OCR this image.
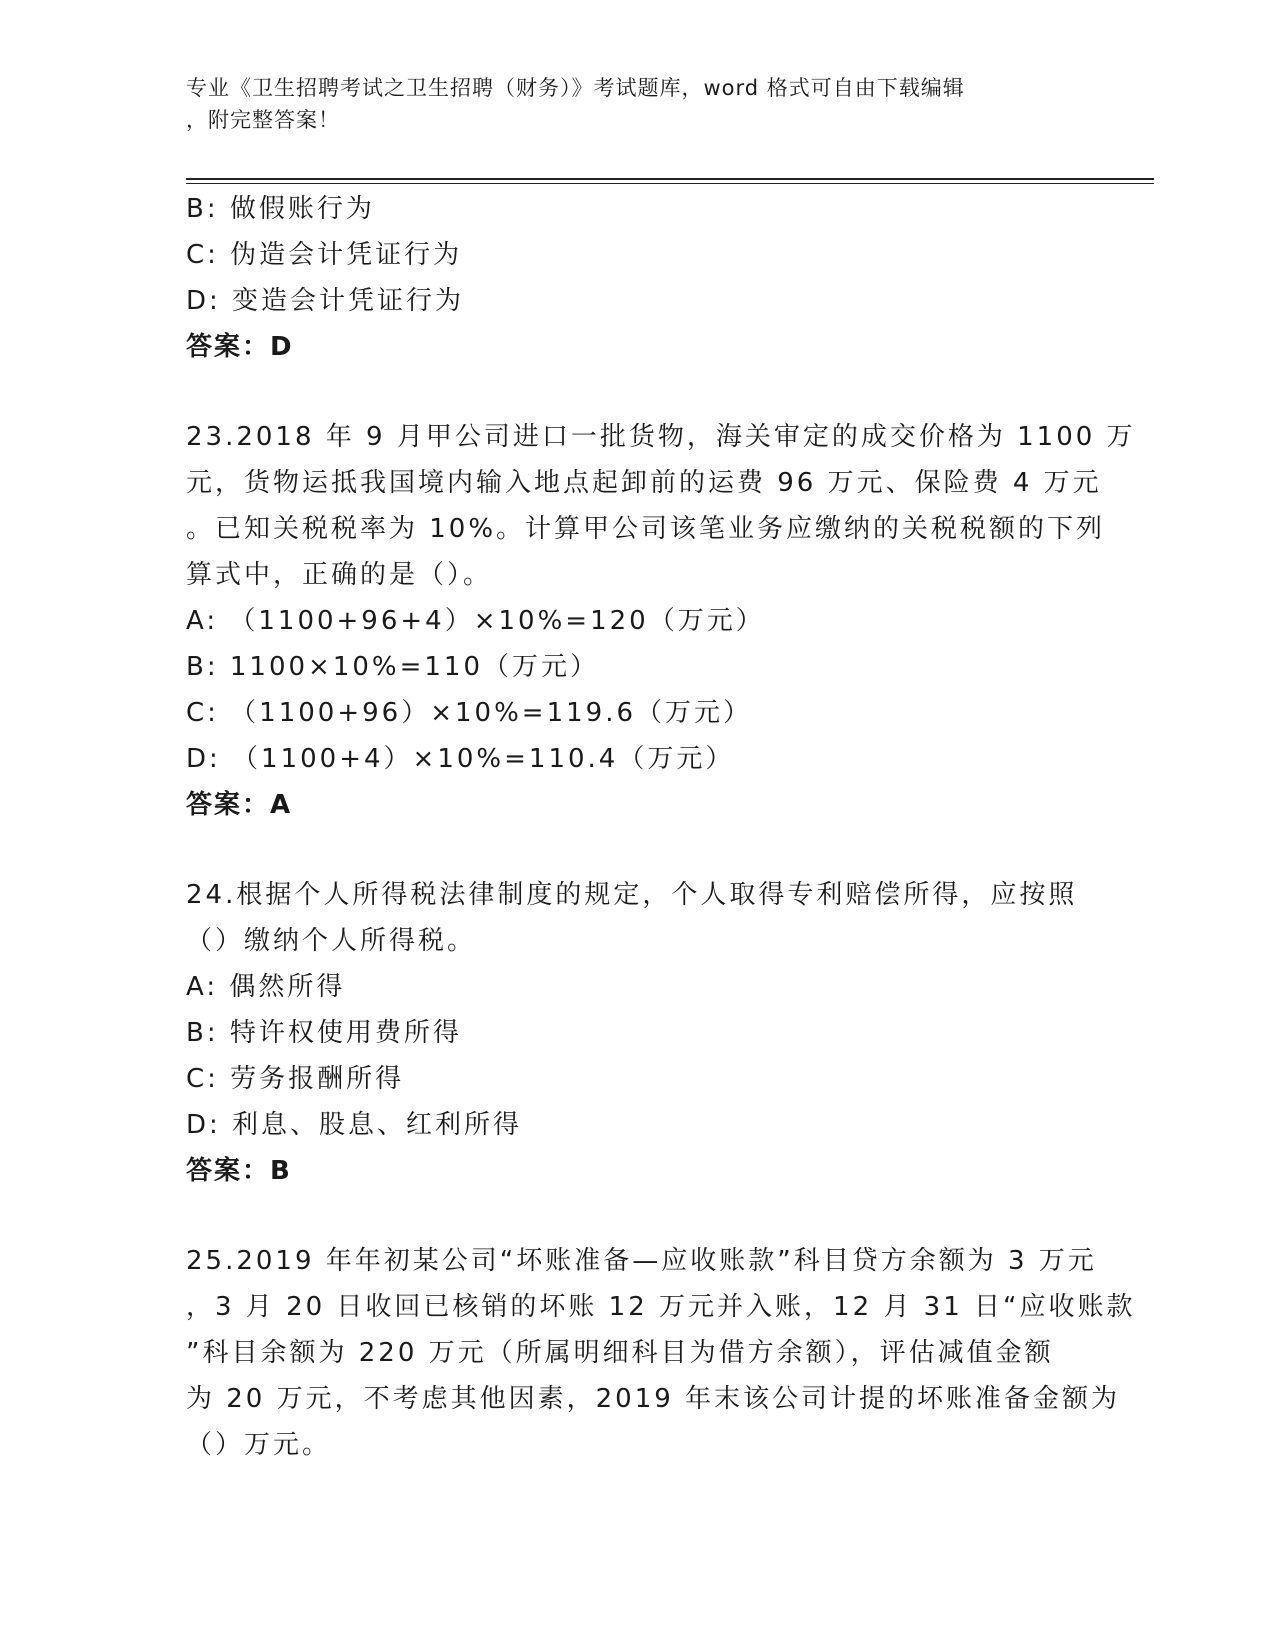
专业《卫生招聘考试之卫生招聘（财务）》考试题库，word 格式可自由下载编辑
，附完整答案！
B: 做假账行为
C: 伪造会计凭证行为
D: 变造会计凭证行为
答案：D
23.2018 年 9 月甲公司进口一批货物，海关审定的成交价格为 1100 万
元，货物运抵我国境内输入地点起卸前的运费 96 万元、保险费 4 万元
。已知关税税率为 10%。计算甲公司该笔业务应缴纳的关税税额的下列
算式中，正确的是（）。
A: （1100+96+4）×10%=120（万元）
B: 1100×10%=110（万元）
C: （1100+96）×10%=119.6（万元）
D: （1100+4）×10%=110.4（万元）
答案：A
24.根据个人所得税法律制度的规定，个人取得专利赔偿所得，应按照
（）缴纳个人所得税。
A: 偶然所得
B: 特许权使用费所得
C: 劳务报酬所得
D: 利息、股息、红利所得
答案：B
25.2019 年年初某公司“坏账准备—应收账款”科目贷方余额为 3 万元
，3 月 20 日收回已核销的坏账 12 万元并入账，12 月 31 日“应收账款
”科目余额为 220 万元（所属明细科目为借方余额），评估减值金额
为 20 万元，不考虑其他因素，2019 年末该公司计提的坏账准备金额为
（）万元。
